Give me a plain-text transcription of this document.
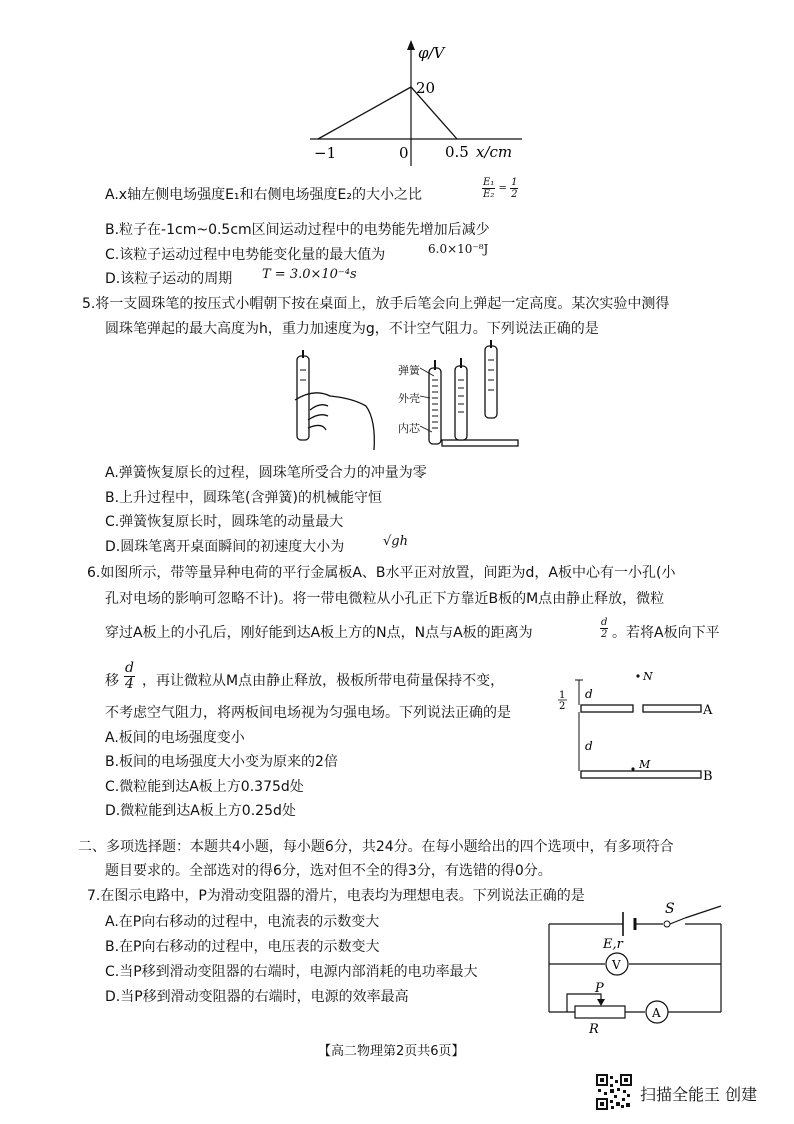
φ/V
20
−1	0 0.5 x/cm
A.x轴左侧电场强度E₁和右侧电场强度E₂的大小之比	$\frac{\text{E₁}}{\text{E₂}} = \frac{1}{2}$
B.粒子在-1cm~0.5cm区间运动过程中的电势能先增加后减少
C.该粒子运动过程中电势能变化量的最大值为	6.0×10⁻⁸J
D.该粒子运动的周期 T = 3.0×10⁻⁴s
5.将一支圆珠笔的按压式小帽朝下按在桌面上，放手后笔会向上弹起一定高度。某次实验中测得
圆珠笔弹起的最大高度为h，重力加速度为g，不计空气阻力。下列说法正确的是
弹簧
外壳
内芯
A.弹簧恢复原长的过程，圆珠笔所受合力的冲量为零
B.上升过程中，圆珠笔(含弹簧)的机械能守恒
C.弹簧恢复原长时，圆珠笔的动量最大
D.圆珠笔离开桌面瞬间的初速度大小为	√gh
6.如图所示，带等量异种电荷的平行金属板A、B水平正对放置，间距为d，A板中心有一小孔(小
孔对电场的影响可忽略不计)。将一带电微粒从小孔正下方靠近B板的M点由静止释放，微粒
穿过A板上的小孔后，刚好能到达A板上方的N点，N点与A板的距离为	$\frac{d}{2}$ 。若将A板向下平
移 $\frac{d}{4}$ ，再让微粒从M点由静止释放，极板所带电荷量保持不变，
不考虑空气阻力，将两板间电场视为匀强电场。下列说法正确的是
1
2
d
d
N
A
B
M
A.板间的电场强度变小
B.板间的电场强度大小变为原来的2倍
C.微粒能到达A板上方0.375d处
D.微粒能到达A板上方0.25d处
二、多项选择题：本题共4小题，每小题6分，共24分。在每小题给出的四个选项中，有多项符合
题目要求的。全部选对的得6分，选对但不全的得3分，有选错的得0分。
7.在图示电路中，P为滑动变阻器的滑片，电表均为理想电表。下列说法正确的是
A.在P向右移动的过程中，电流表的示数变大
B.在P向右移动的过程中，电压表的示数变大
C.当P移到滑动变阻器的右端时，电源内部消耗的电功率最大
D.当P移到滑动变阻器的右端时，电源的效率最高
S
E,r
V
A
P
R
【高二物理第2页共6页】
扫描全能王 创建
